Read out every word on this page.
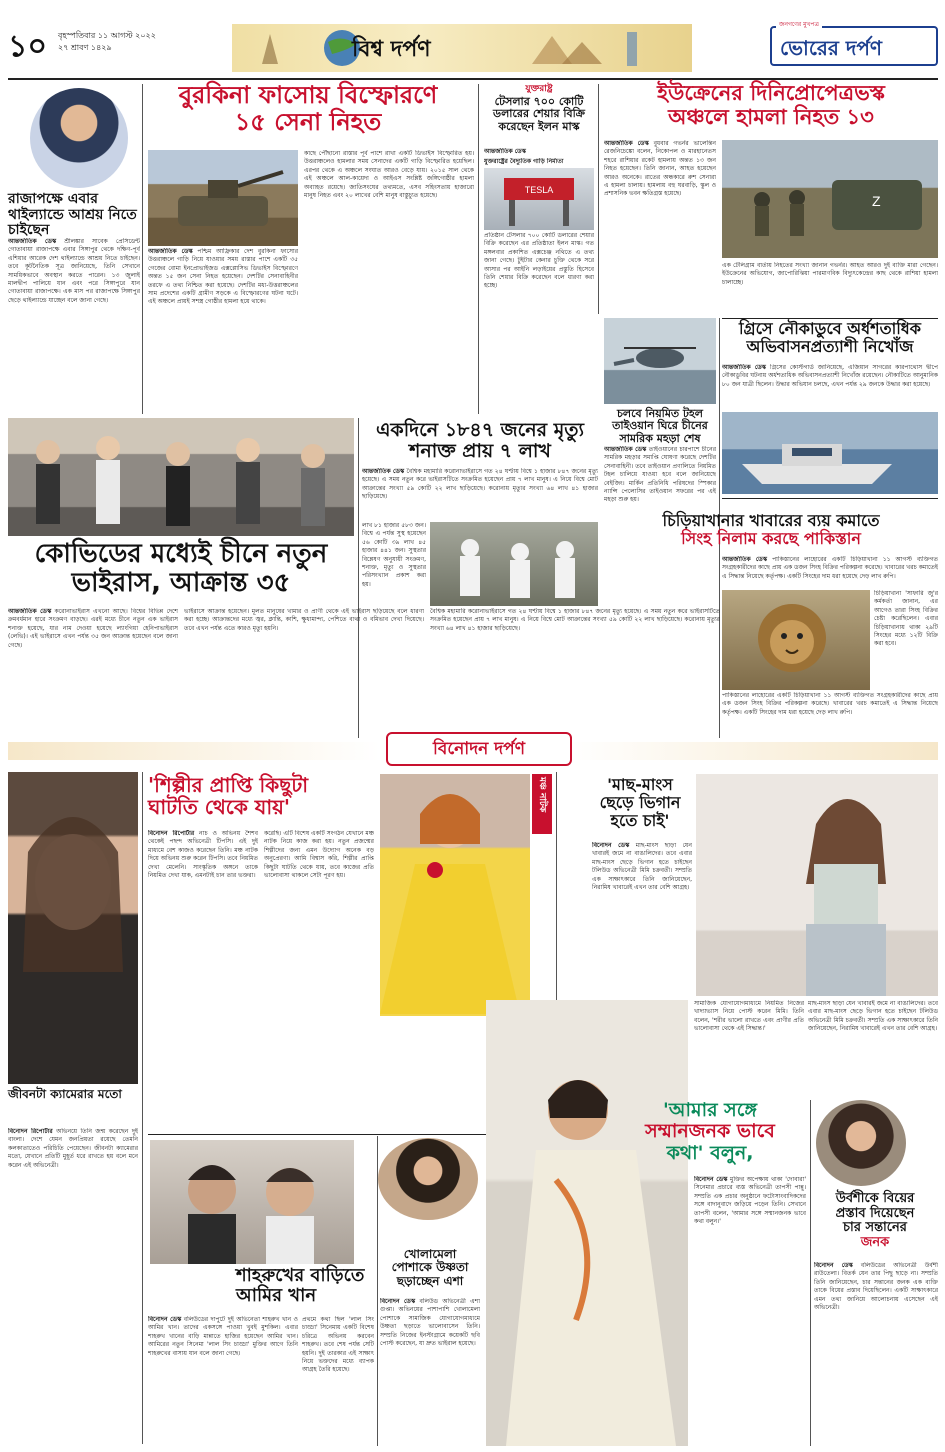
১০ বৃহস্পতিবার ১১ আগস্ট ২০২২
২৭ শ্রাবণ ১৪২৯	বিশ্ব দর্পণ
জনগণের মুখপত্র
ভোরের দর্পণ
রাজাপক্ষে এবার থাইল্যান্ডে আশ্রয় নিতে চাইছেন
আন্তর্জাতিক ডেস্ক শ্রীলঙ্কার সাবেক প্রেসিডেন্ট গোতাবায়া রাজাপক্ষে এবার সিঙ্গাপুর থেকে দক্ষিণ-পূর্ব এশিয়ার আরেক দেশ থাইল্যান্ডে আশ্রয় নিতে চাইছেন। তবে কূটনৈতিক সূত্র জানিয়েছে, তিনি সেখানে সাময়িকভাবে অবস্থান করতে পারেন। ১৩ জুলাই মালদ্বীপ পালিয়ে যান এবং পরে সিঙ্গাপুরে যান গোতাবায়া রাজাপক্ষে। এক মাস পর রাজাপক্ষে সিঙ্গাপুর ছেড়ে থাইল্যান্ডে যাচ্ছেন বলে জানা গেছে।
বুরকিনা ফাসোয় বিস্ফোরণে
১৫ সেনা নিহত
আন্তর্জাতিক ডেস্ক পশ্চিম আফ্রিকার দেশ বুরকিনা ফাসোর উত্তরাঞ্চলে গাড়ি নিয়ে যাওয়ার সময় রাস্তার পাশে একটি ৩৫ গেজের বোমা ইনপ্রোভাইজড এক্সপ্লোসিভ ডিভাইস বিস্ফোরণে অন্তত ১৫ জন সেনা নিহত হয়েছেন। দেশটির সেনাবাহিনীর তরফে এ তথ্য নিশ্চিত করা হয়েছে। দেশটির মধ্য-উত্তরাঞ্চলের সাম প্রদেশের একটি গ্রামীণ সড়কে এ বিস্ফোরণের ঘটনা ঘটে। এই অঞ্চলে প্রায়ই সশস্ত্র গোষ্ঠীর হামলা হয়ে থাকে।
কাছে পৌঁছানো রাস্তার পূর্ব পাশে রাখা একটি ডিভাইস বিস্ফোরিত হয়। উত্তরাঞ্চলেও হামলার সময় সেনাদের একটি গাড়ি বিস্ফোরিত হয়েছিল। এরপর থেকে এ অঞ্চলে সংঘাত আরও বেড়ে যায়। ২০১৫ সাল থেকে এই অঞ্চলে আল-কায়েদা ও আইএস সংশ্লিষ্ট জঙ্গিগোষ্ঠীর হামলা অব্যাহত রয়েছে। জাতিসংঘের তথ্যমতে, এসব সহিংসতায় হাজারো মানুষ নিহত এবং ২০ লাখের বেশি মানুষ বাস্তুচ্যুত হয়েছে।
যুক্তরাষ্ট্র
টেসলার ৭০০ কোটি ডলারের শেয়ার বিক্রি করেছেন ইলন মাস্ক
আন্তর্জাতিক ডেস্ক
যুক্তরাষ্ট্রের বৈদ্যুতিক গাড়ি নির্মাতা
TESLA
প্রতিষ্ঠান টেসলার ৭০০ কোটি ডলারের শেয়ার বিক্রি করেছেন এর প্রতিষ্ঠাতা ইলন মাস্ক। গত মঙ্গলবার প্রকাশিত এক্সচেঞ্জ নথিতে এ তথ্য জানা গেছে। টুইটার কেনার চুক্তি থেকে সরে আসার পর আইনি লড়াইয়ের প্রস্তুতি হিসেবে তিনি শেয়ার বিক্রি করেছেন বলে ধারণা করা হচ্ছে।
ইউক্রেনের দিনিপ্রোপেত্রভস্ক
অঞ্চলে হামলা নিহত ১৩
আন্তর্জাতিক ডেস্ক বুধবার গভর্নর ভালেন্তিন রেজনিচেঙ্কো বলেন, নিকোপল ও মারহানেতস শহরে রাশিয়ার রকেট হামলায় অন্তত ১৩ জন নিহত হয়েছেন। তিনি জানান, আহত হয়েছেন আরও অনেকে। রাতের অন্ধকারে রুশ সেনারা এ হামলা চালায়। হামলায় বহু ঘরবাড়ি, স্কুল ও প্রশাসনিক ভবন ক্ষতিগ্রস্ত হয়েছে।	Z
এক টেলিগ্রাম বার্তায় নিহতের সংখ্যা জানান গভর্নর। আহত আরও দুই ব্যক্তি মারা গেছেন। ইউক্রেনের অভিযোগ, জাপোরিঝিয়া পারমাণবিক বিদ্যুৎকেন্দ্রের কাছ থেকে রাশিয়া হামলা চালাচ্ছে।
গ্রিসে নৌকাডুবে অর্ধশতাধিক অভিবাসনপ্রত্যাশী নিখোঁজ
আন্তর্জাতিক ডেস্ক গ্রিসের কোস্টগার্ড জানিয়েছে, এজিয়ান সাগরের কারপাথোস দ্বীপে নৌকাডুবির ঘটনায় অর্ধশতাধিক অভিবাসনপ্রত্যাশী নিখোঁজ রয়েছেন। নৌকাটিতে আনুমানিক ৮০ জন যাত্রী ছিলেন। উদ্ধার অভিযান চলছে, এখন পর্যন্ত ২৯ জনকে উদ্ধার করা হয়েছে।
চলবে নিয়মিত টহল তাইওয়ান ঘিরে চীনের সামরিক মহড়া শেষ
আন্তর্জাতিক ডেস্ক তাইওয়ানের চারপাশে চীনের সামরিক মহড়ার সমাপ্তি ঘোষণা করেছে দেশটির সেনাবাহিনী। তবে তাইওয়ান প্রণালিতে নিয়মিত টহল চালিয়ে যাওয়া হবে বলে জানিয়েছে বেইজিং। মার্কিন প্রতিনিধি পরিষদের স্পিকার ন্যান্সি পেলোসির তাইওয়ান সফরের পর এই মহড়া শুরু হয়।
একদিনে ১৮৪৭ জনের মৃত্যু
শনাক্ত প্রায় ৭ লাখ
আন্তর্জাতিক ডেস্ক বৈশ্বিক মহামারি করোনাভাইরাসে গত ২৪ ঘণ্টায় বিশ্বে ১ হাজার ৮৪৭ জনের মৃত্যু হয়েছে। এ সময় নতুন করে ভাইরাসটিতে সংক্রমিত হয়েছেন প্রায় ৭ লাখ মানুষ। এ নিয়ে বিশ্বে মোট আক্রান্তের সংখ্যা ৫৯ কোটি ২২ লাখ ছাড়িয়েছে। করোনায় মৃত্যুর সংখ্যা ৬৪ লাখ ৪১ হাজার ছাড়িয়েছে।
লাখ ৮১ হাজার ৫৮৩ জন। বিশ্বে এ পর্যন্ত সুস্থ হয়েছেন ৫৬ কোটি ৩৯ লাখ ৪৫ হাজার ৪৪১ জন। সুস্থতার বিশ্লেষণ অনুযায়ী সংক্রমণ, শনাক্ত, মৃত্যু ও সুস্থতার পরিসংখ্যান প্রকাশ করা হয়।
বৈশ্বিক মহামারি করোনাভাইরাসে গত ২৪ ঘণ্টায় বিশ্বে ১ হাজার ৮৪৭ জনের মৃত্যু হয়েছে। এ সময় নতুন করে ভাইরাসটিতে সংক্রমিত হয়েছেন প্রায় ৭ লাখ মানুষ। এ নিয়ে বিশ্বে মোট আক্রান্তের সংখ্যা ৫৯ কোটি ২২ লাখ ছাড়িয়েছে। করোনায় মৃত্যুর সংখ্যা ৬৪ লাখ ৪১ হাজার ছাড়িয়েছে।
কোভিডের মধ্যেই চীনে নতুন
ভাইরাস, আক্রান্ত ৩৫
আন্তর্জাতিক ডেস্ক করোনাভাইরাস এখনো আছে। বিশ্বের বিভিন্ন দেশে ক্রমবর্ধমান হারে সংক্রমণ বাড়ছে। এরই মধ্যে চীনে নতুন এক ভাইরাস শনাক্ত হয়েছে, যার নাম দেওয়া হয়েছে ল্যাংগিয়া হেনিপাভাইরাস (লেভি)। এই ভাইরাসে এখন পর্যন্ত ৩৫ জন আক্রান্ত হয়েছেন বলে জানা গেছে।
ভাইরাসে আক্রান্ত হয়েছেন। মূলত মানুষের খামার ও প্রাণী থেকে এই ভাইরাস ছড়িয়েছে বলে ধারণা করা হচ্ছে। আক্রান্তদের মধ্যে জ্বর, ক্লান্তি, কাশি, ক্ষুধামান্দ্য, পেশিতে ব্যথা ও বমিভাব দেখা দিয়েছে। তবে এখন পর্যন্ত এতে কারও মৃত্যু হয়নি।
চিড়িয়াখানার খাবারের ব্যয় কমাতে
সিংহ নিলাম করছে পাকিস্তান
আন্তর্জাতিক ডেস্ক পাকিস্তানের লাহোরের একটি চিড়িয়াখানা ১১ আগস্ট ব্যক্তিগত সংগ্রহকারীদের কাছে প্রায় এক ডজন সিংহ বিক্রির পরিকল্পনা করেছে। খাবারের খরচ কমাতেই এ সিদ্ধান্ত নিয়েছে কর্তৃপক্ষ। একটি সিংহের দাম ধরা হয়েছে দেড় লাখ রুপি।
চিড়িয়াখানা 'সাফারি জু'র কর্মকর্তা জানান, এর আগেও তারা সিংহ বিক্রির চেষ্টা করেছিলেন। এবার চিড়িয়াখানায় থাকা ২৯টি সিংহের মধ্যে ১২টি বিক্রি করা হবে।
পাকিস্তানের লাহোরের একটি চিড়িয়াখানা ১১ আগস্ট ব্যক্তিগত সংগ্রহকারীদের কাছে প্রায় এক ডজন সিংহ বিক্রির পরিকল্পনা করেছে। খাবারের খরচ কমাতেই এ সিদ্ধান্ত নিয়েছে কর্তৃপক্ষ। একটি সিংহের দাম ধরা হয়েছে দেড় লাখ রুপি।
বিনোদন দর্পণ
জীবনটা ক্যামেরার মতো
বিনোদন রিপোর্টার অভিনয়ে তিনি জন্ম করেছেন দুই বাংলা। দেশে যেমন জনপ্রিয়তা রয়েছে তেমনি কলকাতাতেও পরিচিতি পেয়েছেন। জীবনটা ক্যামেরার মতো, যেখানে প্রতিটি মুহূর্ত ধরে রাখতে হয় বলে মনে করেন এই অভিনেত্রী।
'শিল্পীর প্রাপ্তি কিছুটা
ঘাটতি থেকে যায়'
বিনোদন রিপোর্টার নাচ ও অভিনয় শৈশব থেকেই পছন্দ অভিনেত্রী টিপসি। এই দুই মাধ্যমে বেশ কাজও করেছেন তিনি। মঞ্চ নাটক দিয়ে অভিনয় শুরু করেন টিপসি। তবে নিয়মিত দেখা মেলেনি। সাংস্কৃতিক অঙ্গনে তাকে নিয়মিত দেখা যাক, এমনটাই চান তার ভক্তরা।
করেছি। এটি বিশেষ একটি সংগঠন যেখানে মঞ্চ নাটক নিয়ে কাজ করা হয়। নতুন প্রজন্মের শিল্পীদের জন্য এমন উদ্যোগ অনেক বড় অনুপ্রেরণা। আমি বিশ্বাস করি, শিল্পীর প্রাপ্তি কিছুটা ঘাটতি থেকে যায়, তবে কাজের প্রতি ভালোবাসা থাকলে সেটা পূরণ হয়।
মঞ্চ নাটক	'মাছ-মাংস
ছেড়ে ভিগান
হতে চাই'
বিনোদন ডেস্ক মাছ-মাংস ছাড়া যেন খাবারই জমে না বাঙালিদের। তবে এবার মাছ-মাংস ছেড়ে ভিগান হতে চাইছেন টলিউড অভিনেত্রী মিমি চক্রবর্তী। সম্প্রতি এক সাক্ষাৎকারে তিনি জানিয়েছেন, নিরামিষ খাবারেই এখন তার বেশি আগ্রহ।
সামাজিক যোগাযোগমাধ্যমে নিয়মিত নিজের খাদ্যাভ্যাস নিয়ে পোস্ট করেন মিমি। তিনি বলেন, 'শরীর ভালো রাখতে এবং প্রাণীর প্রতি ভালোবাসা থেকে এই সিদ্ধান্ত।'
মাছ-মাংস ছাড়া যেন খাবারই জমে না বাঙালিদের। তবে এবার মাছ-মাংস ছেড়ে ভিগান হতে চাইছেন টলিউড অভিনেত্রী মিমি চক্রবর্তী। সম্প্রতি এক সাক্ষাৎকারে তিনি জানিয়েছেন, নিরামিষ খাবারেই এখন তার বেশি আগ্রহ।
শাহরুখের বাড়িতে
আমির খান
বিনোদন ডেস্ক বলিউডের দাপুটে দুই অভিনেতা শাহরুখ খান ও আমির খান। তাদের একসঙ্গে পাওয়া খুবই মুশকিল। এবার শাহরুখ খানের বাড়ি মান্নাতে হাজির হয়েছেন আমির খান। আমিরের নতুন সিনেমা 'লাল সিং চাড্ডা' মুক্তির আগে তিনি শাহরুখের বাসায় যান বলে জানা গেছে।
প্রথমে কথা ছিল 'লাল সিং চাড্ডা' সিনেমায় একটি বিশেষ চরিত্রে অভিনয় করবেন শাহরুখ। তবে শেষ পর্যন্ত সেটি হয়নি। দুই তারকার এই সাক্ষাৎ নিয়ে ভক্তদের মধ্যে ব্যাপক আগ্রহ তৈরি হয়েছে।
খোলামেলা
পোশাকে উষ্ণতা
ছড়াচ্ছেন এশা
বিনোদন ডেস্ক বলিউড অভিনেত্রী এশা গুপ্তা। অভিনয়ের পাশাপাশি খোলামেলা পোশাকে সামাজিক যোগাযোগমাধ্যমে উষ্ণতা ছড়াতে ভালোবাসেন তিনি। সম্প্রতি নিজের ইনস্টাগ্রামে কয়েকটি ছবি পোস্ট করেছেন, যা দ্রুত ভাইরাল হয়েছে।
'আমার সঙ্গে
সম্মানজনক ভাবে
কথা' বলুন,
বিনোদন ডেস্ক মুক্তির অপেক্ষায় থাকা 'দোবারা' সিনেমার প্রচারে ব্যস্ত অভিনেত্রী তাপসী পান্নু। সম্প্রতি এক প্রচার অনুষ্ঠানে ফটোসাংবাদিকদের সঙ্গে বাদানুবাদে জড়িয়ে পড়েন তিনি। সেখানে তাপসী বলেন, 'আমার সঙ্গে সম্মানজনক ভাবে কথা বলুন।'
উর্বশীকে বিয়ের
প্রস্তাব দিয়েছেন
চার সন্তানের
জনক
বিনোদন ডেস্ক বলিউডের অভিনেত্রী উর্বশী রাউতেলা। বিতর্ক যেন তার পিছু ছাড়ে না। সম্প্রতি তিনি জানিয়েছেন, চার সন্তানের জনক এক ব্যক্তি তাকে বিয়ের প্রস্তাব দিয়েছিলেন। একটি সাক্ষাৎকারে এমন তথ্য জানিয়ে আলোচনায় এসেছেন এই অভিনেত্রী।
